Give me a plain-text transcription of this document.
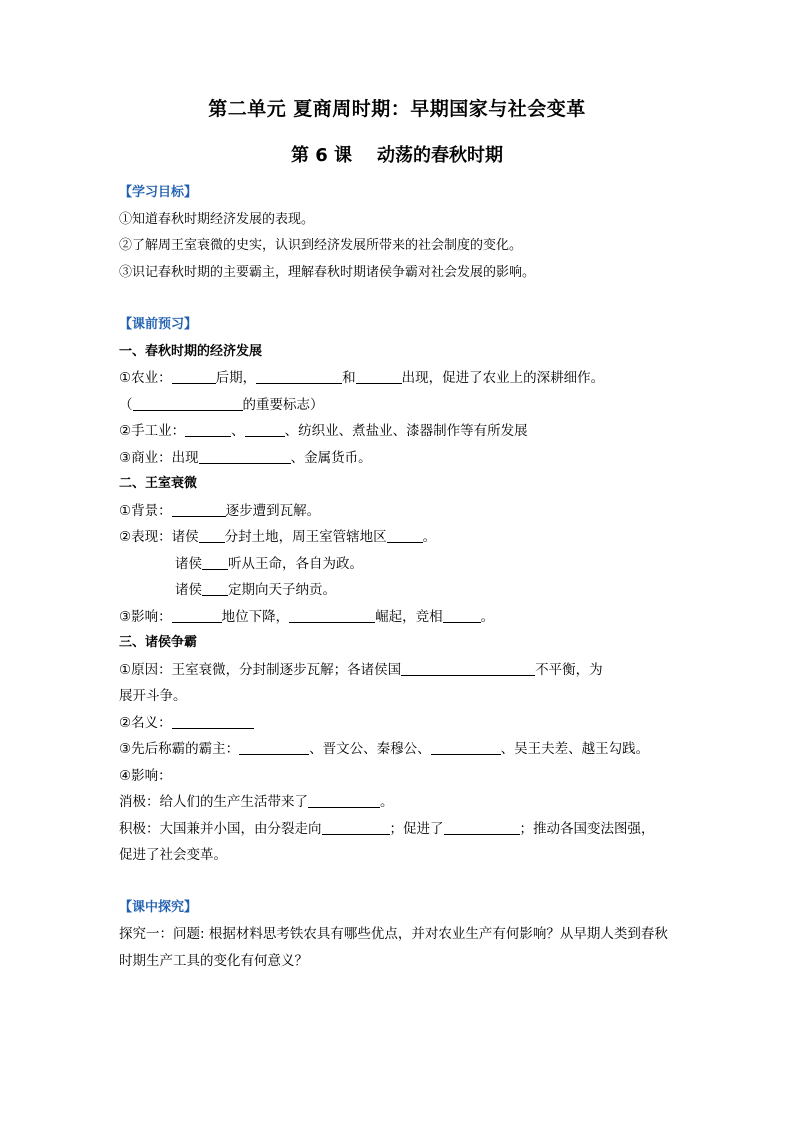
第二单元 夏商周时期：早期国家与社会变革
第 6 课    动荡的春秋时期
【学习目标】
①知道春秋时期经济发展的表现。
②了解周王室衰微的史实，认识到经济发展所带来的社会制度的变化。
③识记春秋时期的主要霸主，理解春秋时期诸侯争霸对社会发展的影响。
【课前预习】
一、春秋时期的经济发展
①农业：	后期，	和	出现，促进了农业上的深耕细作。
（	的重要标志）
②手工业：	、	、纺织业、煮盐业、漆器制作等有所发展
③商业：出现	、金属货币。
二、王室衰微
①背景：	逐步遭到瓦解。
②表现：诸侯 分封土地，周王室管辖地区	。
诸侯 听从王命，各自为政。
诸侯 定期向天子纳贡。
③影响：	地位下降，	崛起，竞相	。
三、诸侯争霸
①原因：王室衰微，分封制逐步瓦解；各诸侯国	不平衡，为
展开斗争。
②名义：
③先后称霸的霸主：	、晋文公、秦穆公、	、吴王夫差、越王勾践。
④影响：
消极：给人们的生产生活带来了	。
积极：大国兼并小国，由分裂走向	；促进了	；推动各国变法图强，
促进了社会变革。
【课中探究】
探究一：问题: 根据材料思考铁农具有哪些优点，并对农业生产有何影响？从早期人类到春秋时期生产工具的变化有何意义？
